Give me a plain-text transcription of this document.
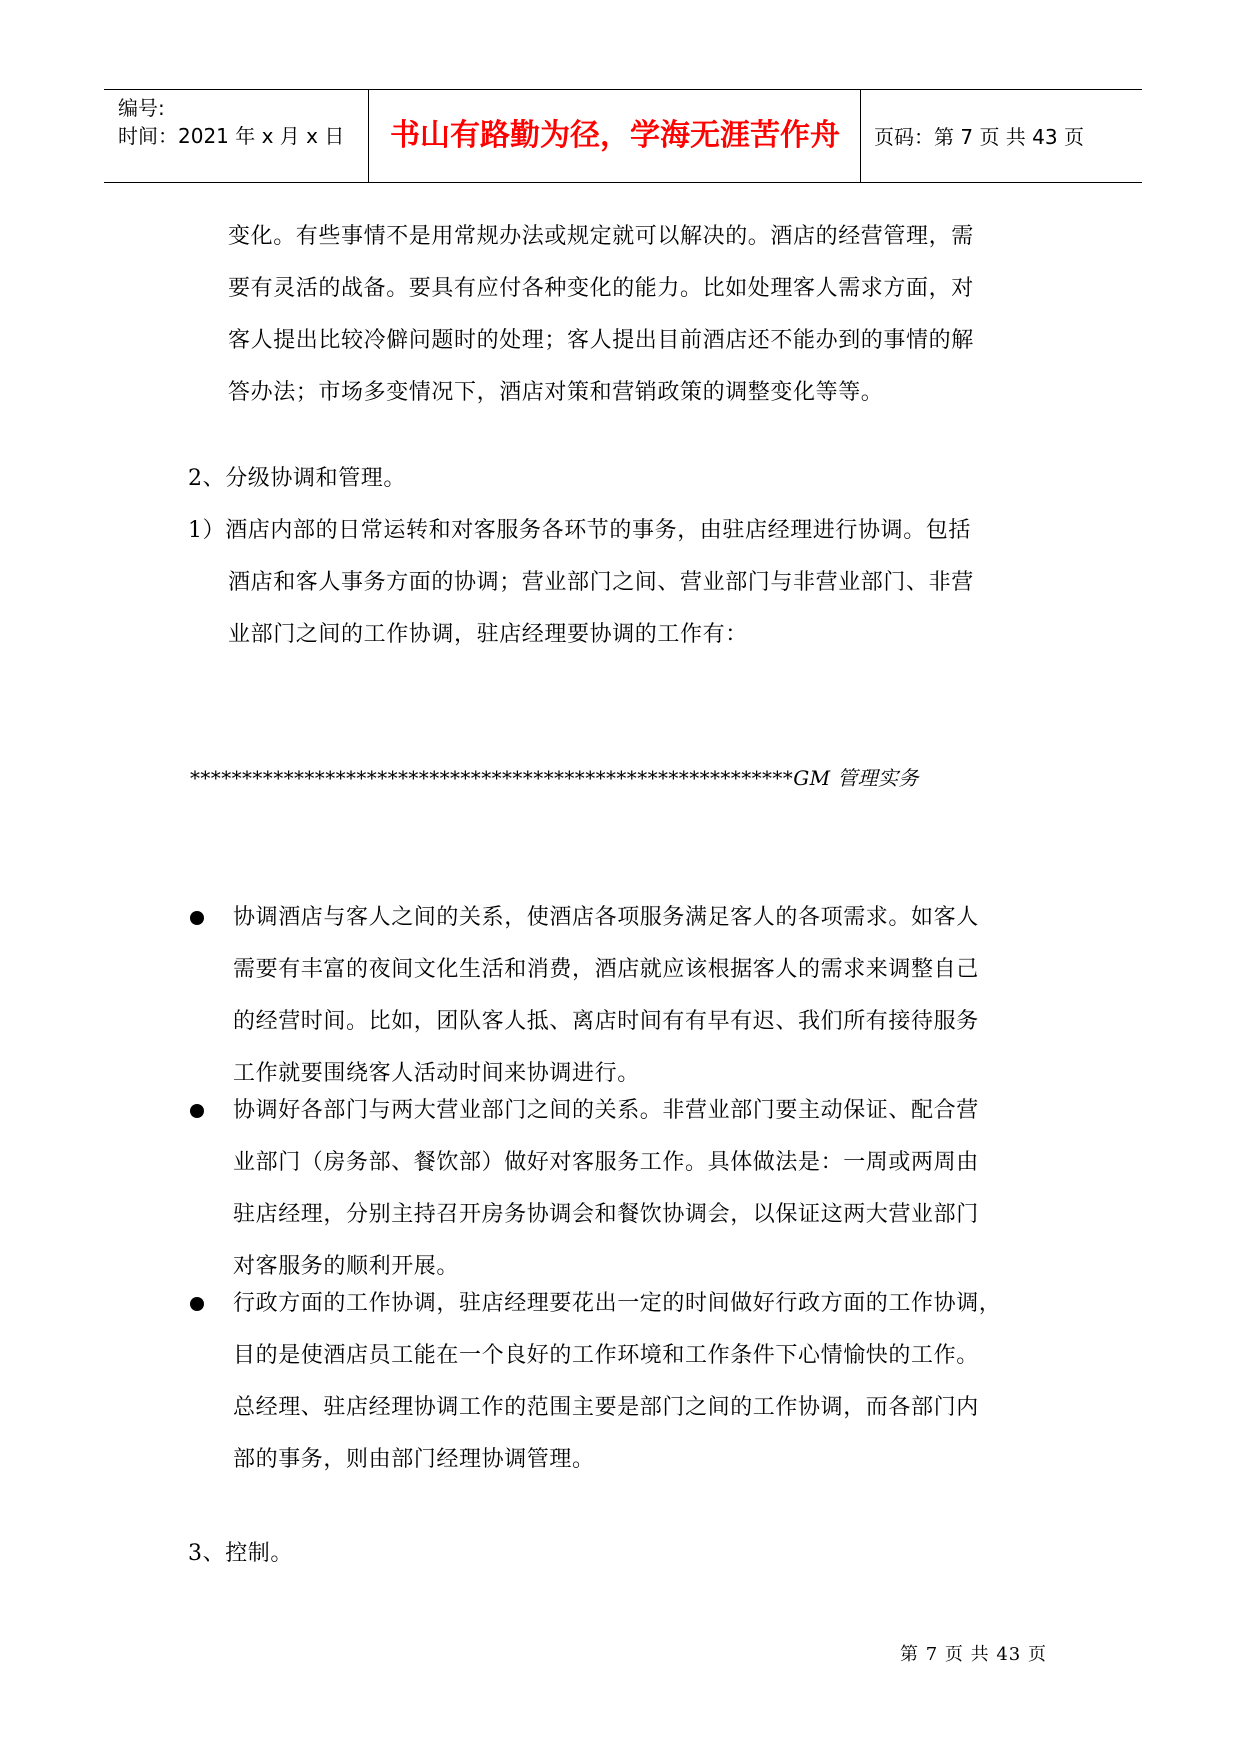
编号:
时间：2021 年 x 月 x 日	书山有路勤为径，学海无涯苦作舟	页码：第 7 页 共 43 页
变化。有些事情不是用常规办法或规定就可以解决的。酒店的经营管理，需
要有灵活的战备。要具有应付各种变化的能力。比如处理客人需求方面，对
客人提出比较冷僻问题时的处理；客人提出目前酒店还不能办到的事情的解
答办法；市场多变情况下，酒店对策和营销政策的调整变化等等。
2、分级协调和管理。
1）酒店内部的日常运转和对客服务各环节的事务，由驻店经理进行协调。包括
酒店和客人事务方面的协调；营业部门之间、营业部门与非营业部门、非营
业部门之间的工作协调，驻店经理要协调的工作有：
**********************************************************GM 管理实务
协调酒店与客人之间的关系，使酒店各项服务满足客人的各项需求。如客人
需要有丰富的夜间文化生活和消费，酒店就应该根据客人的需求来调整自己
的经营时间。比如，团队客人抵、离店时间有有早有迟、我们所有接待服务
工作就要围绕客人活动时间来协调进行。
协调好各部门与两大营业部门之间的关系。非营业部门要主动保证、配合营
业部门（房务部、餐饮部）做好对客服务工作。具体做法是：一周或两周由
驻店经理，分别主持召开房务协调会和餐饮协调会，以保证这两大营业部门
对客服务的顺利开展。
行政方面的工作协调，驻店经理要花出一定的时间做好行政方面的工作协调，
目的是使酒店员工能在一个良好的工作环境和工作条件下心情愉快的工作。
总经理、驻店经理协调工作的范围主要是部门之间的工作协调，而各部门内
部的事务，则由部门经理协调管理。
3、控制。
第 7 页 共 43 页
